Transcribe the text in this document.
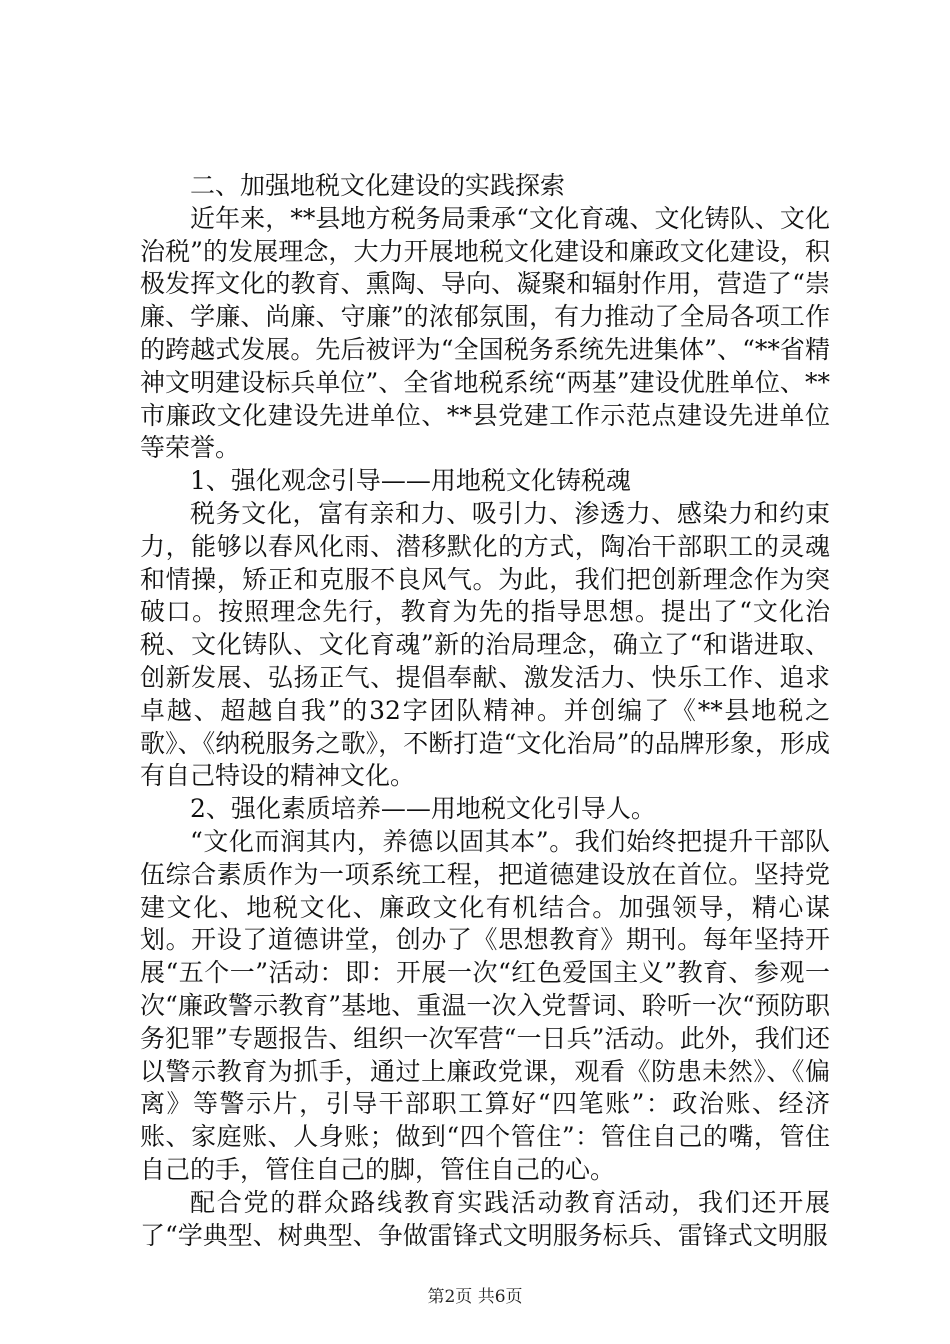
二、加强地税文化建设的实践探索

近年来，**县地方税务局秉承“文化育魂、文化铸队、文化治税”的发展理念，大力开展地税文化建设和廉政文化建设，积极发挥文化的教育、熏陶、导向、凝聚和辐射作用，营造了“崇廉、学廉、尚廉、守廉”的浓郁氛围，有力推动了全局各项工作的跨越式发展。先后被评为“全国税务系统先进集体”、“**省精神文明建设标兵单位”、全省地税系统“两基”建设优胜单位、**市廉政文化建设先进单位、**县党建工作示范点建设先进单位等荣誉。

1、强化观念引导——用地税文化铸税魂

税务文化，富有亲和力、吸引力、渗透力、感染力和约束力，能够以春风化雨、潜移默化的方式，陶冶干部职工的灵魂和情操，矫正和克服不良风气。为此，我们把创新理念作为突破口。按照理念先行，教育为先的指导思想。提出了“文化治税、文化铸队、文化育魂”新的治局理念，确立了“和谐进取、创新发展、弘扬正气、提倡奉献、激发活力、快乐工作、追求卓越、超越自我”的32字团队精神。并创编了《**县地税之歌》、《纳税服务之歌》，不断打造“文化治局”的品牌形象，形成有自己特设的精神文化。

2、强化素质培养——用地税文化引导人。

“文化而润其内，养德以固其本”。我们始终把提升干部队伍综合素质作为一项系统工程，把道德建设放在首位。坚持党建文化、地税文化、廉政文化有机结合。加强领导，精心谋划。开设了道德讲堂，创办了《思想教育》期刊。每年坚持开展“五个一”活动：即：开展一次“红色爱国主义”教育、参观一次“廉政警示教育”基地、重温一次入党誓词、聆听一次“预防职务犯罪”专题报告、组织一次军营“一日兵”活动。此外，我们还以警示教育为抓手，通过上廉政党课，观看《防患未然》、《偏离》等警示片，引导干部职工算好“四笔账”：政治账、经济账、家庭账、人身账；做到“四个管住”：管住自己的嘴，管住自己的手，管住自己的脚，管住自己的心。

配合党的群众路线教育实践活动教育活动，我们还开展了“学典型、树典型、争做雷锋式文明服务标兵、雷锋式文明服

第2页 共6页
